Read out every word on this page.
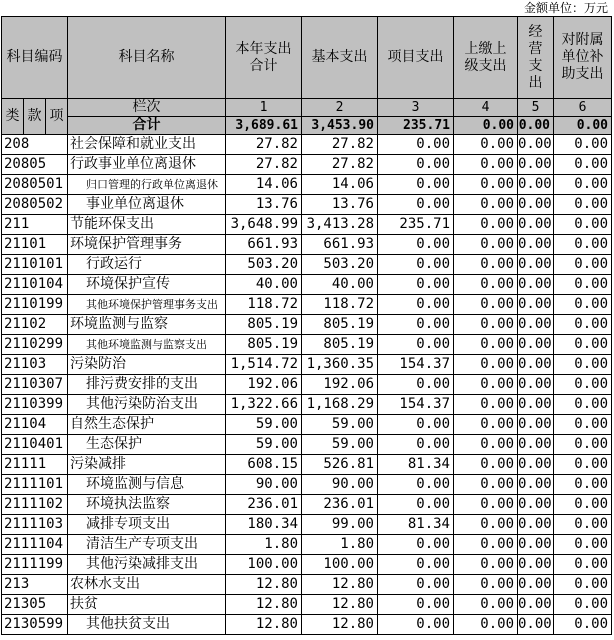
金额单位：万元
科目编码			科目名称	本年支出合计	基本支出	项目支出	上缴上级支出	经营支出	对附属单位补助支出
类	款	项	栏次	1	2	3	4	5	6
			合计	3,689.61	3,453.90	235.71	0.00	0.00	0.00
208			社会保障和就业支出	27.82	27.82	0.00	0.00	0.00	0.00
20805			行政事业单位离退休	27.82	27.82	0.00	0.00	0.00	0.00
2080501			归口管理的行政单位离退休	14.06	14.06	0.00	0.00	0.00	0.00
2080502			事业单位离退休	13.76	13.76	0.00	0.00	0.00	0.00
211			节能环保支出	3,648.99	3,413.28	235.71	0.00	0.00	0.00
21101			环境保护管理事务	661.93	661.93	0.00	0.00	0.00	0.00
2110101			行政运行	503.20	503.20	0.00	0.00	0.00	0.00
2110104			环境保护宣传	40.00	40.00	0.00	0.00	0.00	0.00
2110199			其他环境保护管理事务支出	118.72	118.72	0.00	0.00	0.00	0.00
21102			环境监测与监察	805.19	805.19	0.00	0.00	0.00	0.00
2110299			其他环境监测与监察支出	805.19	805.19	0.00	0.00	0.00	0.00
21103			污染防治	1,514.72	1,360.35	154.37	0.00	0.00	0.00
2110307			排污费安排的支出	192.06	192.06	0.00	0.00	0.00	0.00
2110399			其他污染防治支出	1,322.66	1,168.29	154.37	0.00	0.00	0.00
21104			自然生态保护	59.00	59.00	0.00	0.00	0.00	0.00
2110401			生态保护	59.00	59.00	0.00	0.00	0.00	0.00
21111			污染减排	608.15	526.81	81.34	0.00	0.00	0.00
2111101			环境监测与信息	90.00	90.00	0.00	0.00	0.00	0.00
2111102			环境执法监察	236.01	236.01	0.00	0.00	0.00	0.00
2111103			减排专项支出	180.34	99.00	81.34	0.00	0.00	0.00
2111104			清洁生产专项支出	1.80	1.80	0.00	0.00	0.00	0.00
2111199			其他污染减排支出	100.00	100.00	0.00	0.00	0.00	0.00
213			农林水支出	12.80	12.80	0.00	0.00	0.00	0.00
21305			扶贫	12.80	12.80	0.00	0.00	0.00	0.00
2130599			其他扶贫支出	12.80	12.80	0.00	0.00	0.00	0.00
